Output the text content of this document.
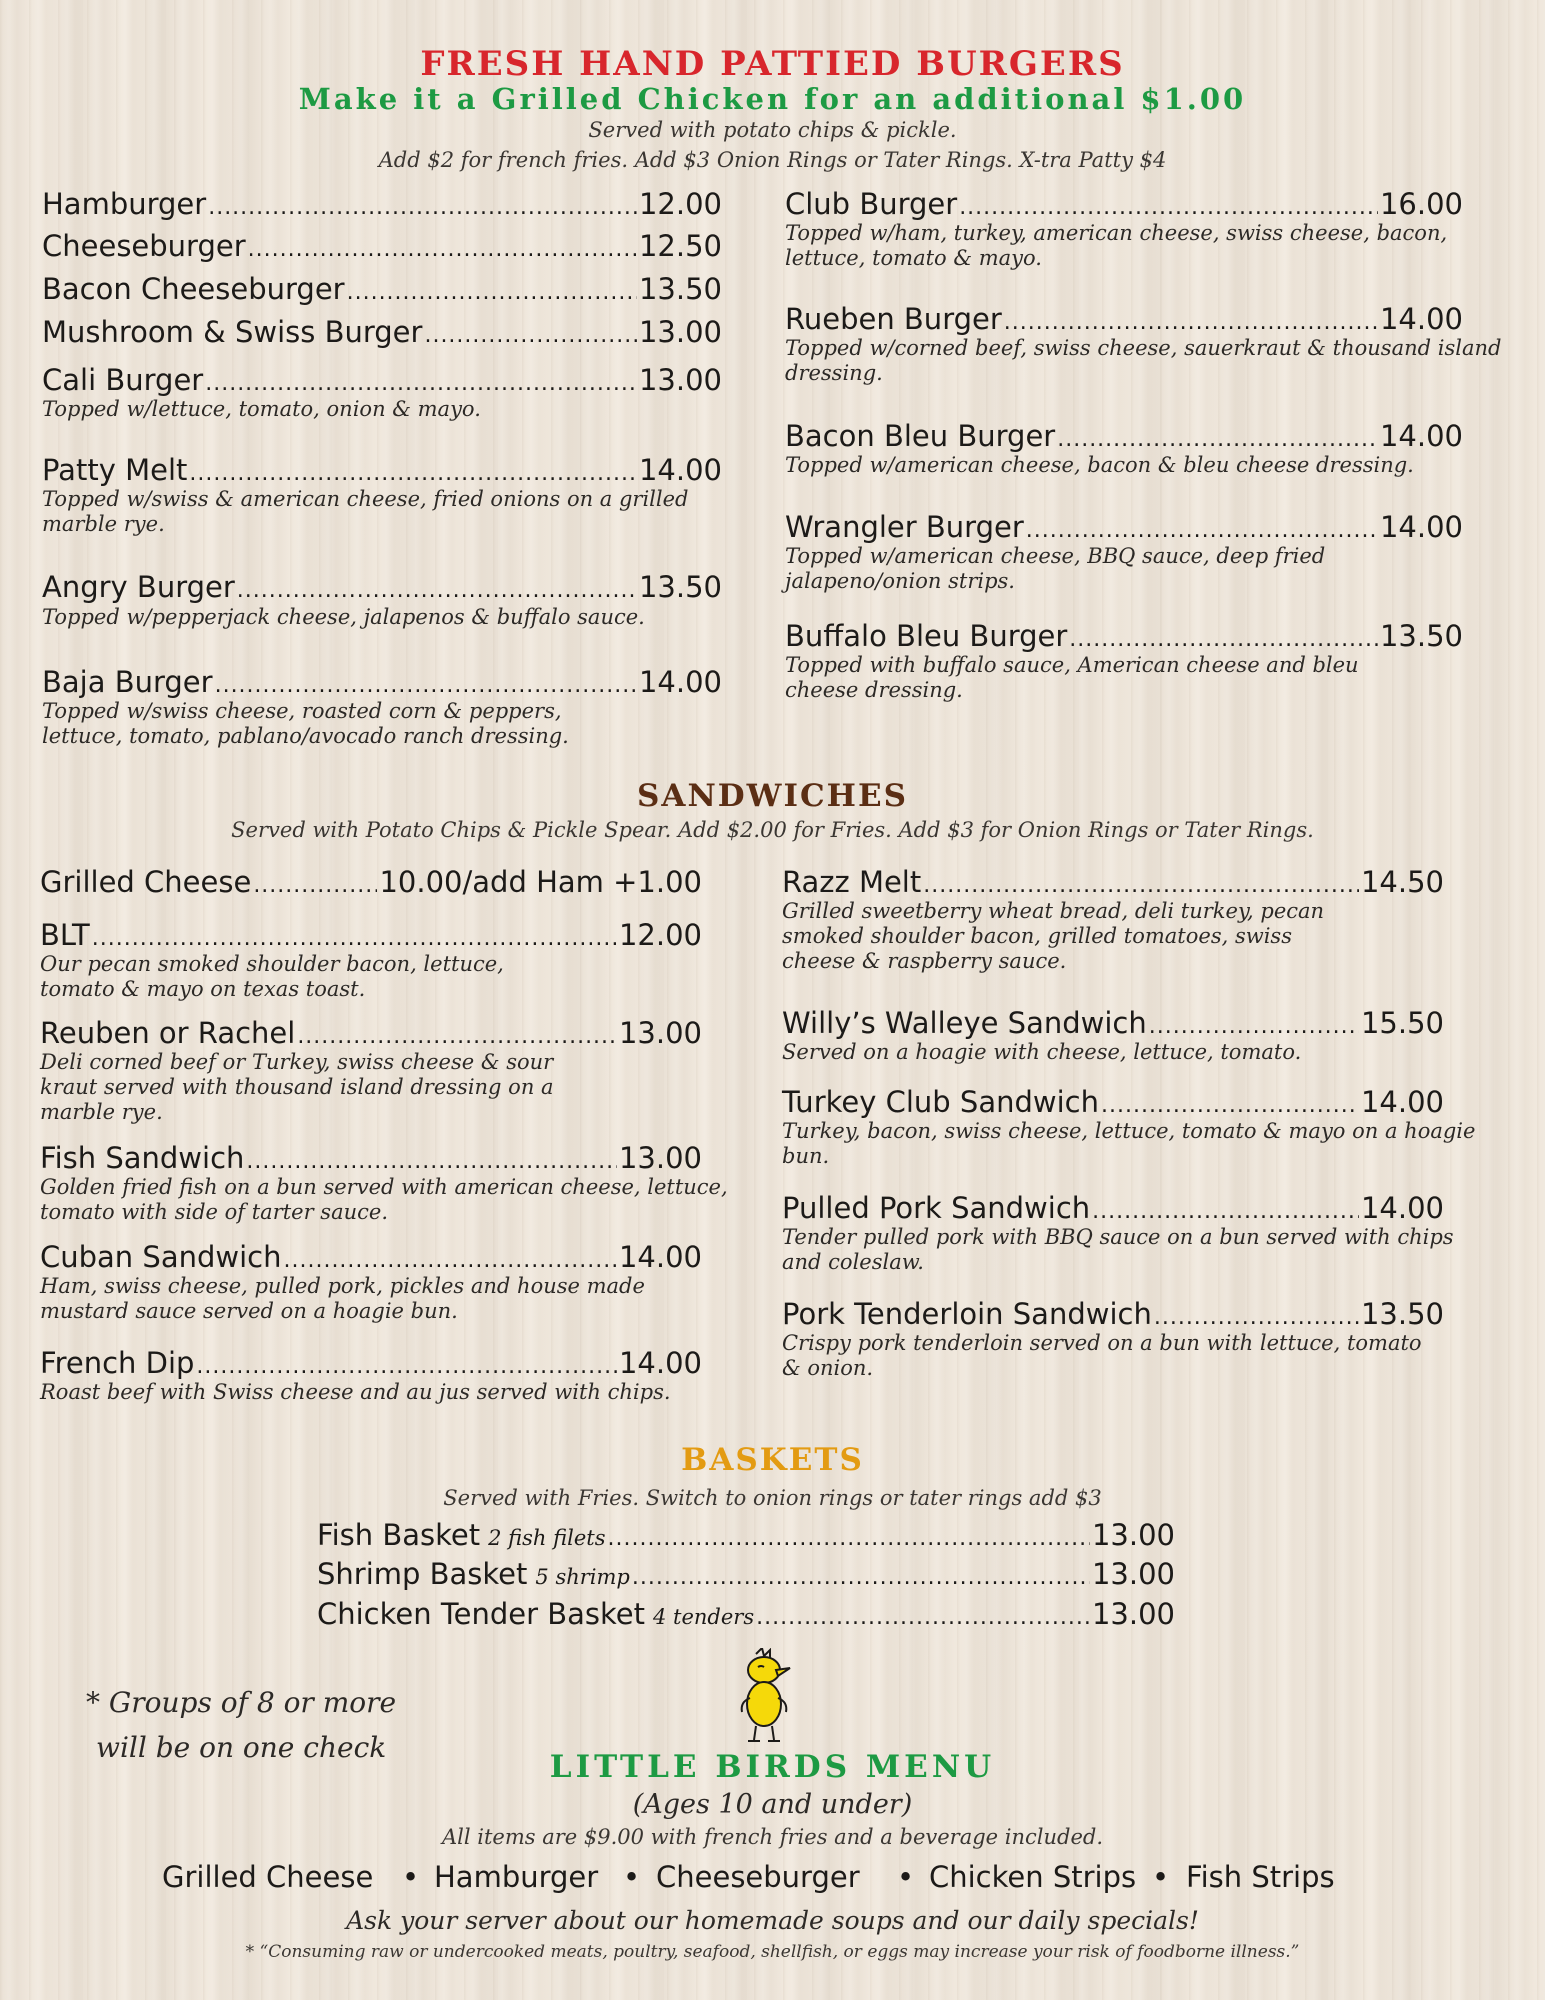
FRESH HAND PATTIED BURGERS
Make it a Grilled Chicken for an additional $1.00
Served with potato chips & pickle.
Add $2 for french fries. Add $3 Onion Rings or Tater Rings. X-tra Patty $4
Hamburger .....	12.00
Cheeseburger .....	12.50
Bacon Cheeseburger .....	13.50
Mushroom & Swiss Burger .....	13.00
Cali Burger .....	13.00
Topped w/lettuce, tomato, onion & mayo.
Patty Melt .....	14.00
Topped w/swiss & american cheese, fried onions on a grilled marble rye.
Angry Burger .....	13.50
Topped w/pepperjack cheese, jalapenos & buffalo sauce.
Baja Burger .....	14.00
Topped w/swiss cheese, roasted corn & peppers, lettuce, tomato, pablano/avocado ranch dressing.
Club Burger .....	16.00
Topped w/ham, turkey, american cheese, swiss cheese, bacon, lettuce, tomato & mayo.
Rueben Burger .....	14.00
Topped w/corned beef, swiss cheese, sauerkraut & thousand island dressing.
Bacon Bleu Burger .....	14.00
Topped w/american cheese, bacon & bleu cheese dressing.
Wrangler Burger .....	14.00
Topped w/american cheese, BBQ sauce, deep fried jalapeno/onion strips.
Buffalo Bleu Burger .....	13.50
Topped with buffalo sauce, American cheese and bleu cheese dressing.
SANDWICHES
Served with Potato Chips & Pickle Spear. Add $2.00 for Fries. Add $3 for Onion Rings or Tater Rings.
Grilled Cheese .....	10.00/add Ham +1.00
BLT .....	12.00
Our pecan smoked shoulder bacon, lettuce, tomato & mayo on texas toast.
Reuben or Rachel .....	13.00
Deli corned beef or Turkey, swiss cheese & sour kraut served with thousand island dressing on a marble rye.
Fish Sandwich .....	13.00
Golden fried fish on a bun served with american cheese, lettuce, tomato with side of tarter sauce.
Cuban Sandwich .....	14.00
Ham, swiss cheese, pulled pork, pickles and house made mustard sauce served on a hoagie bun.
French Dip .....	14.00
Roast beef with Swiss cheese and au jus served with chips.
Razz Melt .....	14.50
Grilled sweetberry wheat bread, deli turkey, pecan smoked shoulder bacon, grilled tomatoes, swiss cheese & raspberry sauce.
Willy’s Walleye Sandwich .....	15.50
Served on a hoagie with cheese, lettuce, tomato.
Turkey Club Sandwich .....	14.00
Turkey, bacon, swiss cheese, lettuce, tomato & mayo on a hoagie bun.
Pulled Pork Sandwich .....	14.00
Tender pulled pork with BBQ sauce on a bun served with chips and coleslaw.
Pork Tenderloin Sandwich .....	13.50
Crispy pork tenderloin served on a bun with lettuce, tomato & onion.
BASKETS
Served with Fries. Switch to onion rings or tater rings add $3
Fish Basket 2 fish filets .....	13.00
Shrimp Basket 5 shrimp .....	13.00
Chicken Tender Basket 4 tenders .....	13.00
* Groups of 8 or more
will be on one check
LITTLE BIRDS MENU
(Ages 10 and under)
All items are $9.00 with french fries and a beverage included.
Grilled Cheese • Hamburger • Cheeseburger • Chicken Strips • Fish Strips
Ask your server about our homemade soups and our daily specials!
* “Consuming raw or undercooked meats, poultry, seafood, shellfish, or eggs may increase your risk of foodborne illness.”
